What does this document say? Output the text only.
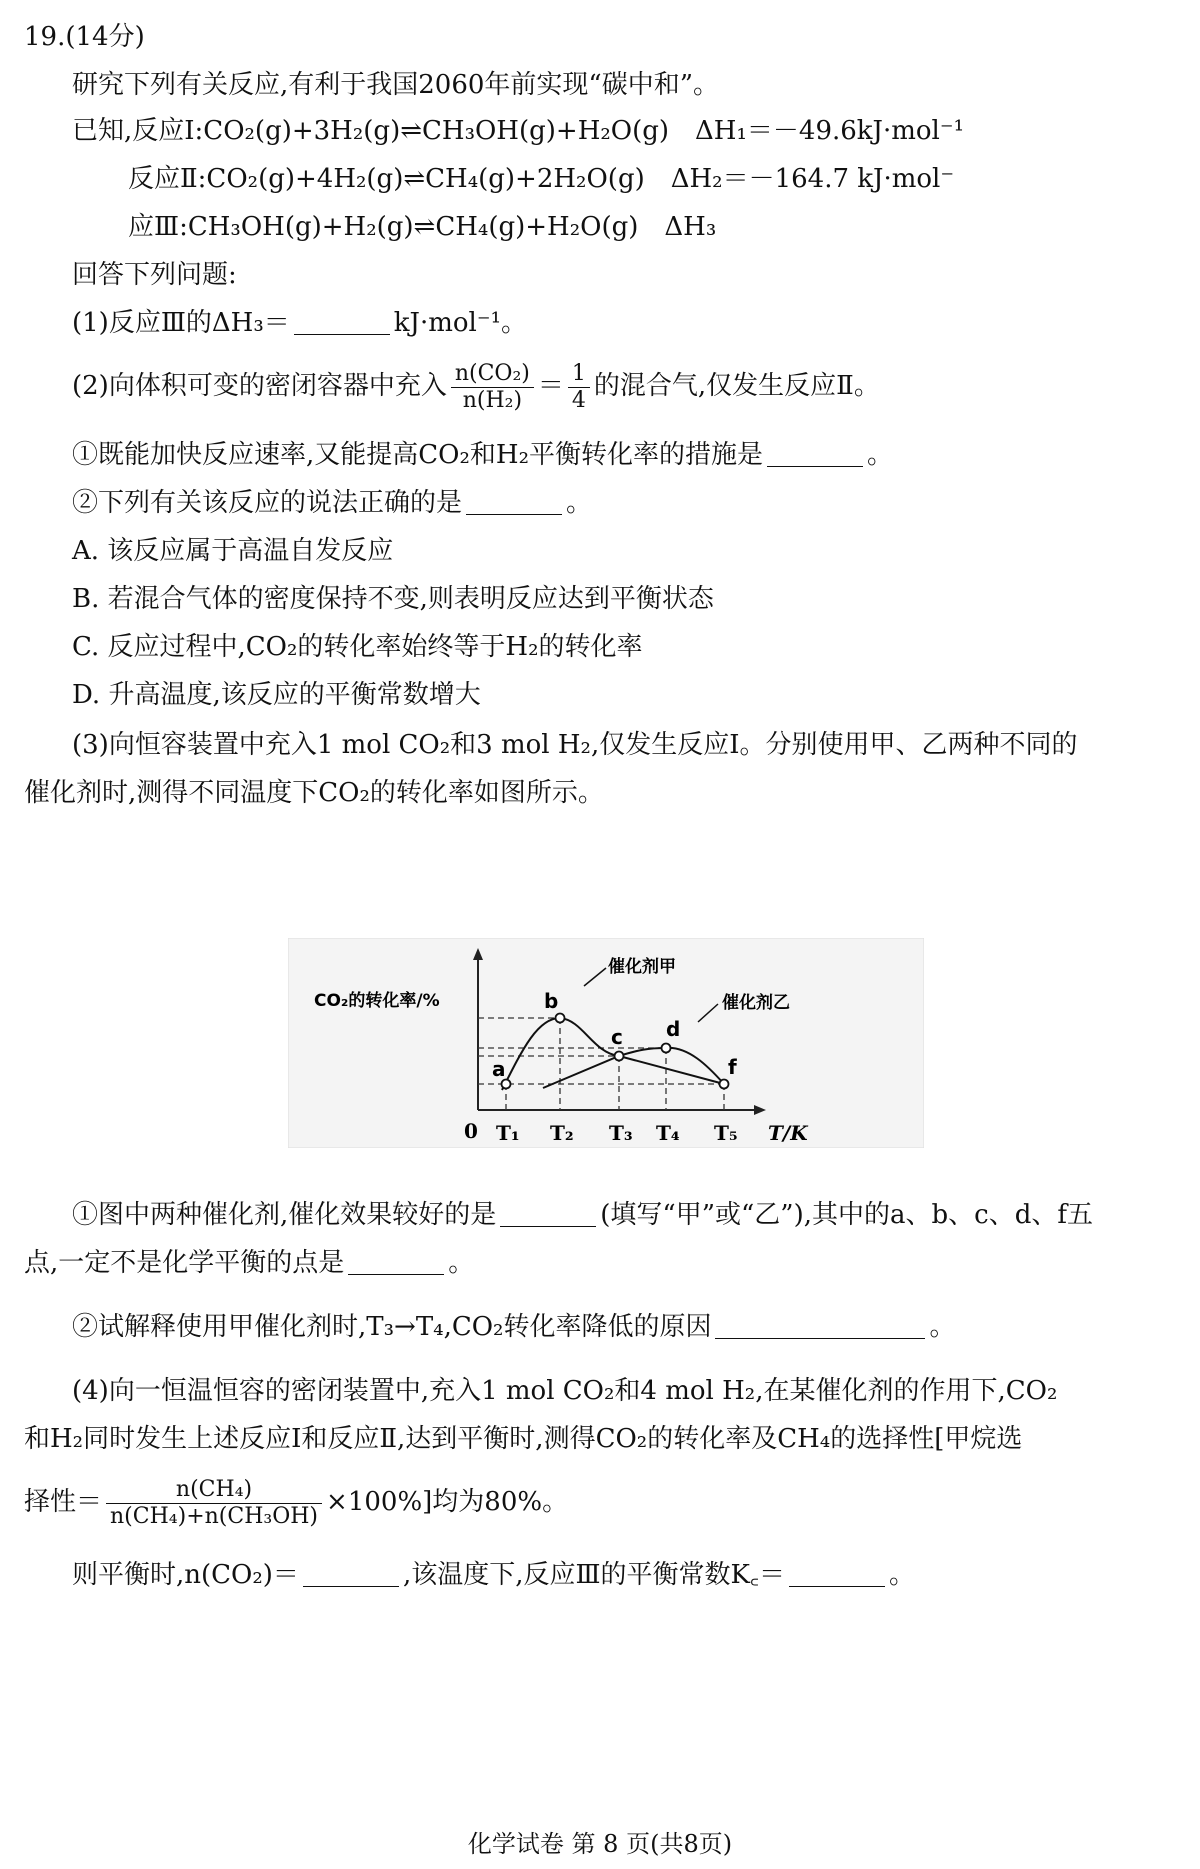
19.(14分)
研究下列有关反应,有利于我国2060年前实现“碳中和”。
已知,反应Ⅰ:CO₂(g)+3H₂(g)⇌CH₃OH(g)+H₂O(g)　ΔH₁＝－49.6kJ·mol⁻¹
反应Ⅱ:CO₂(g)+4H₂(g)⇌CH₄(g)+2H₂O(g)　ΔH₂＝－164.7 kJ·mol⁻
应Ⅲ:CH₃OH(g)+H₂(g)⇌CH₄(g)+H₂O(g)　ΔH₃
回答下列问题:
(1)反应Ⅲ的ΔH₃＝	kJ·mol⁻¹。
(2)向体积可变的密闭容器中充入 $\frac{\text{n(CO₂)}}{\text{n(H₂)}} = \frac{1}{4}$ 的混合气,仅发生反应Ⅱ。
①既能加快反应速率,又能提高CO₂和H₂平衡转化率的措施是	。
②下列有关该反应的说法正确的是	。
A. 该反应属于高温自发反应
B. 若混合气体的密度保持不变,则表明反应达到平衡状态
C. 反应过程中,CO₂的转化率始终等于H₂的转化率
D. 升高温度,该反应的平衡常数增大
(3)向恒容装置中充入1 mol CO₂和3 mol H₂,仅发生反应Ⅰ。分别使用甲、乙两种不同的
催化剂时,测得不同温度下CO₂的转化率如图所示。
a
b
c d
f
0 T₁ T₂ T₃ T₄ T₅ T/K
CO₂的转化率/%
催化剂甲
催化剂乙
①图中两种催化剂,催化效果较好的是	(填写“甲”或“乙”),其中的a、b、c、d、f五
点,一定不是化学平衡的点是	。
②试解释使用甲催化剂时,T₃→T₄,CO₂转化率降低的原因	。
(4)向一恒温恒容的密闭装置中,充入1 mol CO₂和4 mol H₂,在某催化剂的作用下,CO₂
和H₂同时发生上述反应Ⅰ和反应Ⅱ,达到平衡时,测得CO₂的转化率及CH₄的选择性[甲烷选
择性＝ $\frac{\text{n(CH₄)}}{\text{n(CH₄)+n(CH₃OH)}} \times 100\%$]均为80%。
则平衡时,n(CO₂)＝	,该温度下,反应Ⅲ的平衡常数K꜀＝	。
化学试卷 第 8 页(共8页)
